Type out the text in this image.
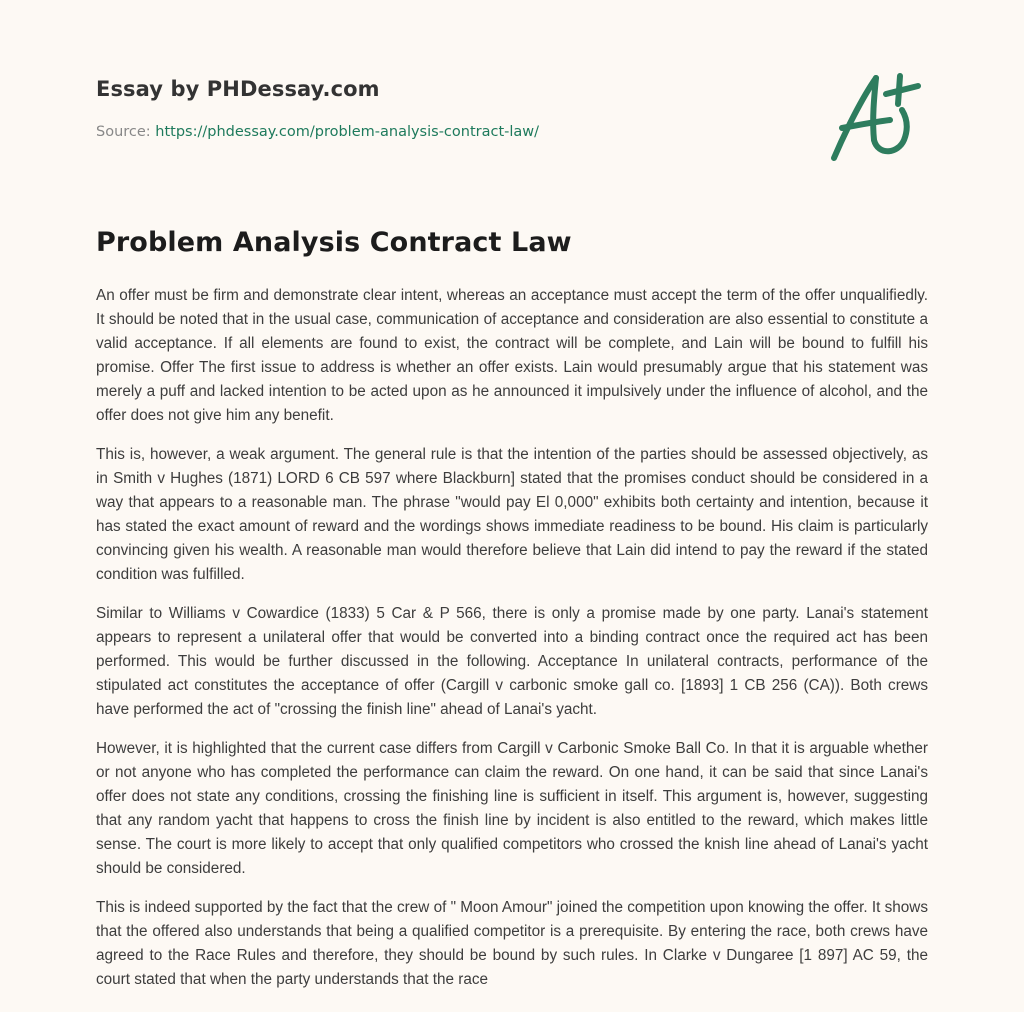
Essay by PHDessay.com

Source: https://phdessay.com/problem-analysis-contract-law/

Problem Analysis Contract Law

An offer must be firm and demonstrate clear intent, whereas an acceptance must accept the term of the offer unqualifiedly. It should be noted that in the usual case, communication of acceptance and consideration are also essential to constitute a valid acceptance. If all elements are found to exist, the contract will be complete, and Lain will be bound to fulfill his promise. Offer The first issue to address is whether an offer exists. Lain would presumably argue that his statement was merely a puff and lacked intention to be acted upon as he announced it impulsively under the influence of alcohol, and the offer does not give him any benefit.

This is, however, a weak argument. The general rule is that the intention of the parties should be assessed objectively, as in Smith v Hughes (1871) LORD 6 CB 597 where Blackburn] stated that the promises conduct should be considered in a way that appears to a reasonable man. The phrase "would pay El 0,000" exhibits both certainty and intention, because it has stated the exact amount of reward and the wordings shows immediate readiness to be bound. His claim is particularly convincing given his wealth. A reasonable man would therefore believe that Lain did intend to pay the reward if the stated condition was fulfilled.

Similar to Williams v Cowardice (1833) 5 Car & P 566, there is only a promise made by one party. Lanai's statement appears to represent a unilateral offer that would be converted into a binding contract once the required act has been performed. This would be further discussed in the following. Acceptance In unilateral contracts, performance of the stipulated act constitutes the acceptance of offer (Cargill v carbonic smoke gall co. [1893] 1 CB 256 (CA)). Both crews have performed the act of "crossing the finish line" ahead of Lanai's yacht.

However, it is highlighted that the current case differs from Cargill v Carbonic Smoke Ball Co. In that it is arguable whether or not anyone who has completed the performance can claim the reward. On one hand, it can be said that since Lanai's offer does not state any conditions, crossing the finishing line is sufficient in itself. This argument is, however, suggesting that any random yacht that happens to cross the finish line by incident is also entitled to the reward, which makes little sense. The court is more likely to accept that only qualified competitors who crossed the knish line ahead of Lanai's yacht should be considered.

This is indeed supported by the fact that the crew of " Moon Amour" joined the competition upon knowing the offer. It shows that the offered also understands that being a qualified competitor is a prerequisite. By entering the race, both crews have agreed to the Race Rules and therefore, they should be bound by such rules. In Clarke v Dungaree [1 897] AC 59, the court stated that when the party understands that the race
